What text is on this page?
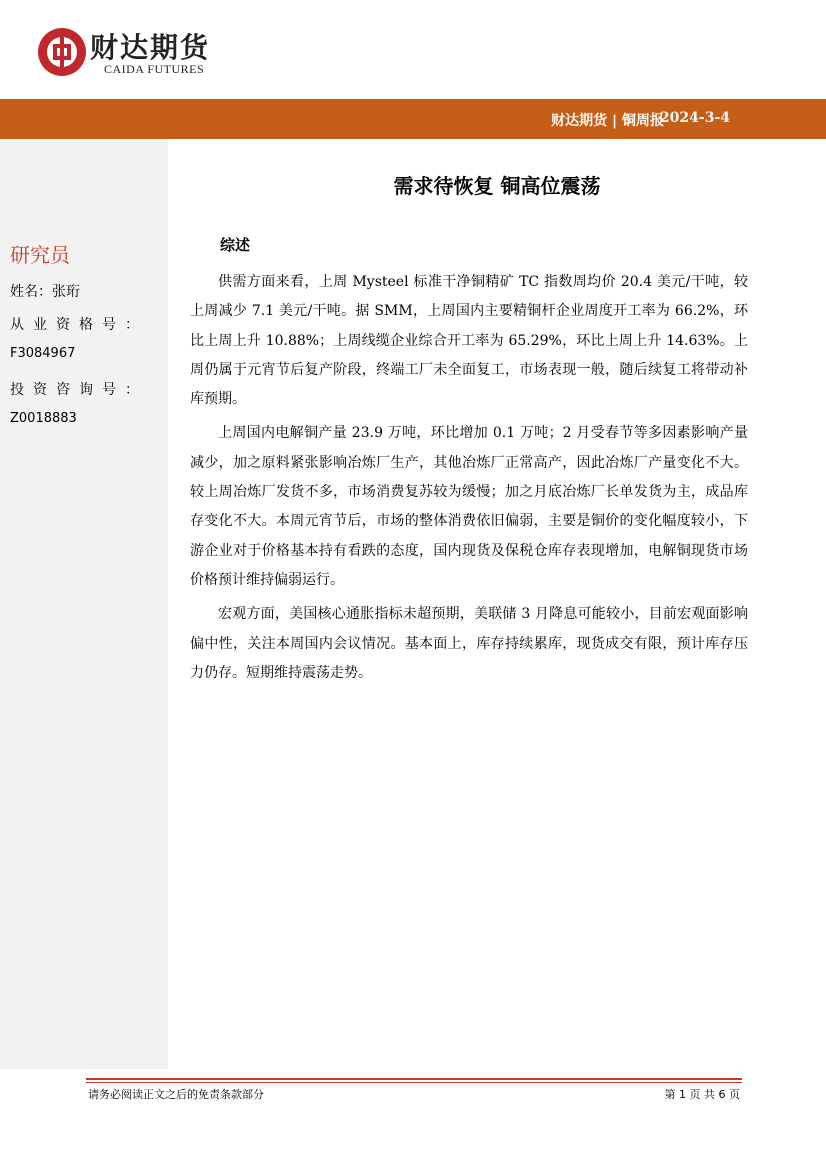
财达期货
CAIDA FUTURES
财达期货 | 铜周报
2024-3-4
研究员
姓名：张珩
从业资格号：
F3084967
投资咨询号：
Z0018883
需求待恢复 铜高位震荡
综述

供需方面来看，上周 Mysteel 标准干净铜精矿 TC 指数周均价 20.4 美元/干吨，较上周减少 7.1 美元/干吨。据 SMM，上周国内主要精铜杆企业周度开工率为 66.2%，环比上周上升 10.88%；上周线缆企业综合开工率为 65.29%，环比上周上升 14.63%。上周仍属于元宵节后复产阶段，终端工厂未全面复工，市场表现一般，随后续复工将带动补库预期。

上周国内电解铜产量 23.9 万吨，环比增加 0.1 万吨；2 月受春节等多因素影响产量减少，加之原料紧张影响冶炼厂生产，其他冶炼厂正常高产，因此冶炼厂产量变化不大。较上周冶炼厂发货不多，市场消费复苏较为缓慢；加之月底冶炼厂长单发货为主，成品库存变化不大。本周元宵节后，市场的整体消费依旧偏弱，主要是铜价的变化幅度较小，下游企业对于价格基本持有看跌的态度，国内现货及保税仓库存表现增加，电解铜现货市场价格预计维持偏弱运行。

宏观方面，美国核心通胀指标未超预期，美联储 3 月降息可能较小，目前宏观面影响偏中性，关注本周国内会议情况。基本面上，库存持续累库，现货成交有限，预计库存压力仍存。短期维持震荡走势。

请务必阅读正文之后的免责条款部分	第 1 页 共 6 页
